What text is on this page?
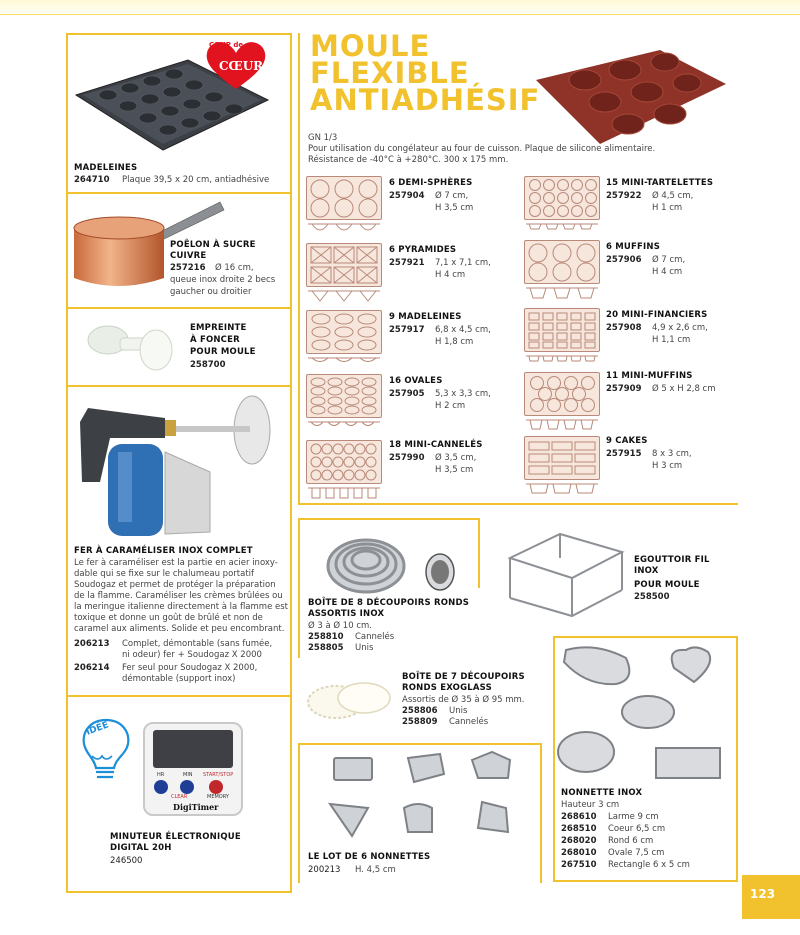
COUP de
CŒUR
MADELEINES
264710 Plaque 39,5 x 20 cm, antiadhésive
POÊLON À SUCRE
CUIVRE
257216 Ø 16 cm,
queue inox droite 2 becs
gaucher ou droitier
EMPREINTE
À FONCER
POUR MOULE
258700
FER À CARAMÉLISER INOX COMPLET
Le fer à caraméliser est la partie en acier inoxy-
dable qui se fixe sur le chalumeau portatif
Soudogaz et permet de protéger la préparation
de la flamme. Caraméliser les crèmes brûlées ou
la meringue italienne directement à la flamme est
toxique et donne un goût de brûlé et non de
caramel aux aliments. Solide et peu encombrant.
206213 Complet, démontable (sans fumée,
ni odeur) fer + Soudogaz X 2000
206214 Fer seul pour Soudogaz X 2000,
démontable (support inox)
IDÉE
HR	MIN START/STOP
CLEAR	MEMORY
DigiTimer
MINUTEUR ÉLECTRONIQUE
DIGITAL 20H
246500
MOULE
FLEXIBLE
ANTIADHÉSIF
GN 1/3
Pour utilisation du congélateur au four de cuisson. Plaque de silicone alimentaire.
Résistance de -40°C à +280°C. 300 x 175 mm.
6 DEMI-SPHÈRES
257904 Ø 7 cm,
H 3,5 cm
6 PYRAMIDES
257921 7,1 x 7,1 cm,
H 4 cm
9 MADELEINES
257917 6,8 x 4,5 cm,
H 1,8 cm
16 OVALES
257905 5,3 x 3,3 cm,
H 2 cm
18 MINI-CANNELÉS
257990 Ø 3,5 cm,
H 3,5 cm
15 MINI-TARTELETTES
257922 Ø 4,5 cm,
H 1 cm
6 MUFFINS
257906 Ø 7 cm,
H 4 cm
20 MINI-FINANCIERS
257908 4,9 x 2,6 cm,
H 1,1 cm
11 MINI-MUFFINS
257909 Ø 5 x H 2,8 cm
9 CAKES
257915 8 x 3 cm,
H 3 cm
BOÎTE DE 8 DÉCOUPOIRS RONDS
ASSORTIS INOX
Ø 3 à Ø 10 cm.
258810 Cannelés
258805 Unis
EGOUTTOIR FIL
INOX
POUR MOULE
258500
BOÎTE DE 7 DÉCOUPOIRS
RONDS EXOGLASS
Assortis de Ø 35 à Ø 95 mm.
258806 Unis
258809 Cannelés
LE LOT DE 6 NONNETTES
200213 H. 4,5 cm
NONNETTE INOX
Hauteur 3 cm
268610 Larme 9 cm
268510 Coeur 6,5 cm
268020 Rond 6 cm
268010 Ovale 7,5 cm
267510 Rectangle 6 x 5 cm
123
